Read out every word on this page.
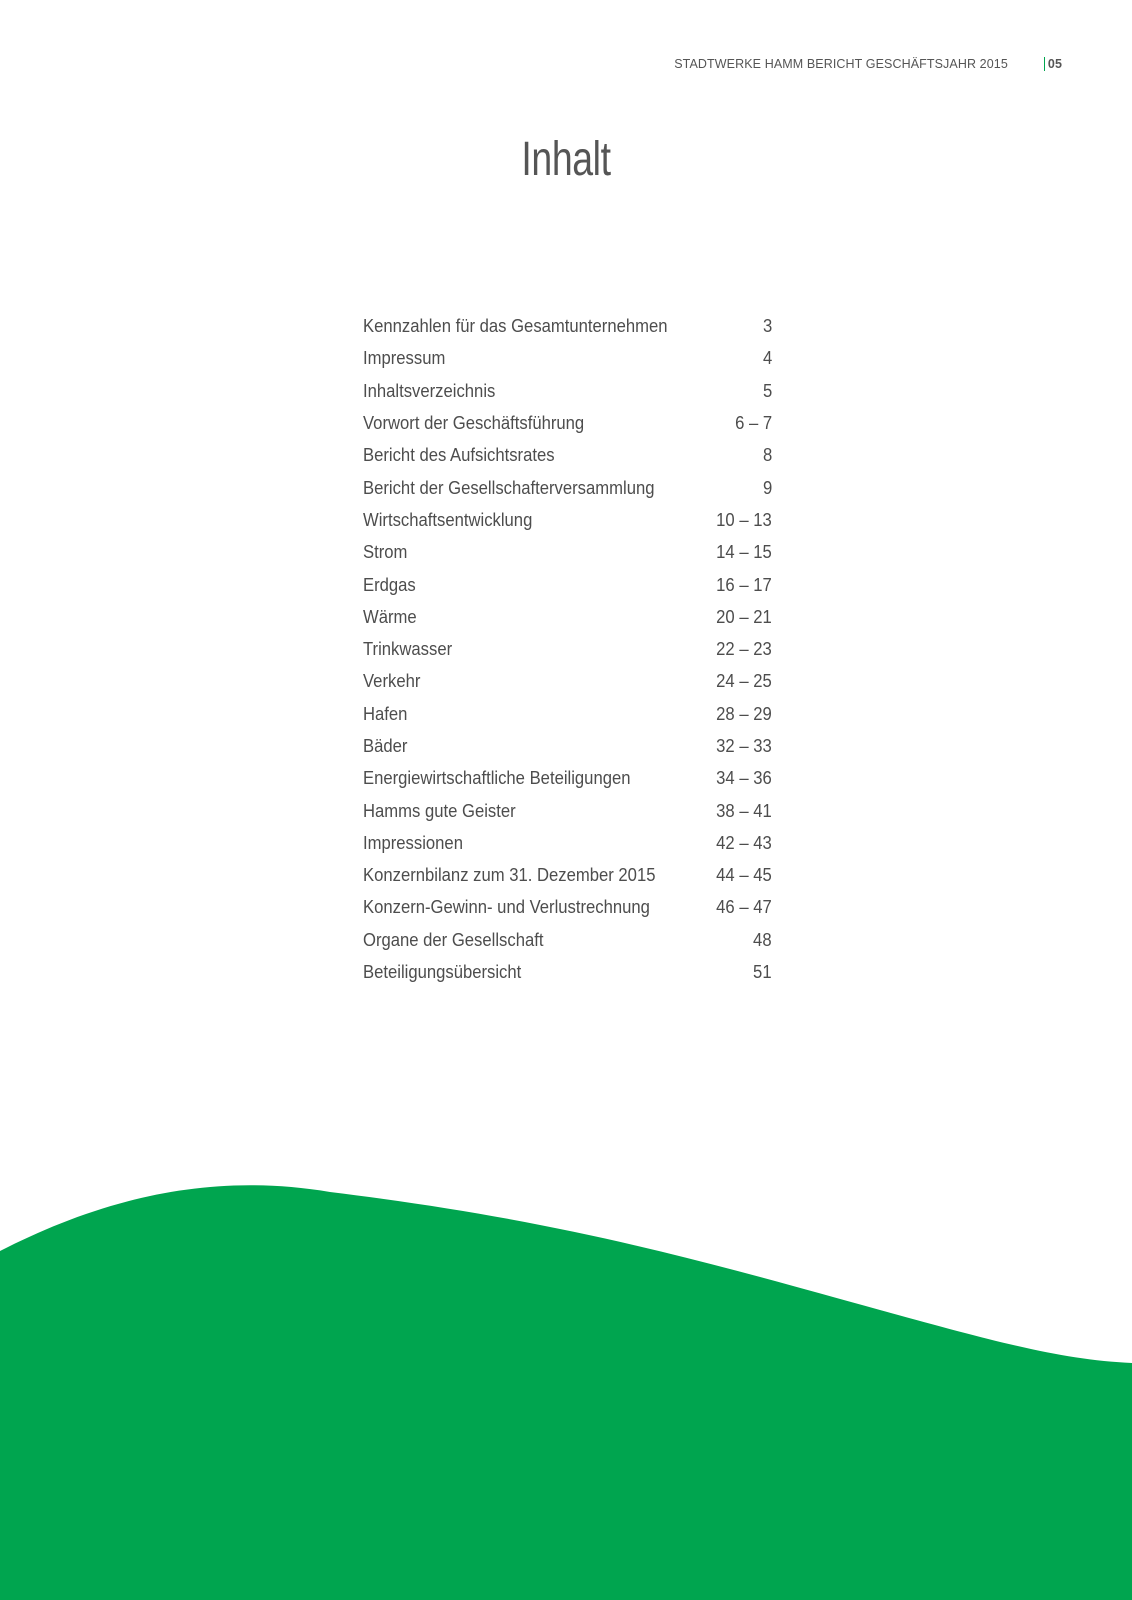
STADTWERKE HAMM BERICHT GESCHÄFTSJAHR 2015	05
Inhalt
Kennzahlen für das Gesamtunternehmen	3
Impressum	4
Inhaltsverzeichnis	5
Vorwort der Geschäftsführung	6 – 7
Bericht des Aufsichtsrates	8
Bericht der Gesellschafterversammlung	9
Wirtschaftsentwicklung	10 – 13
Strom	14 – 15
Erdgas	16 – 17
Wärme	20 – 21
Trinkwasser	22 – 23
Verkehr	24 – 25
Hafen	28 – 29
Bäder	32 – 33
Energiewirtschaftliche Beteiligungen	34 – 36
Hamms gute Geister	38 – 41
Impressionen	42 – 43
Konzernbilanz zum 31. Dezember 2015	44 – 45
Konzern-Gewinn- und Verlustrechnung	46 – 47
Organe der Gesellschaft	48
Beteiligungsübersicht	51
